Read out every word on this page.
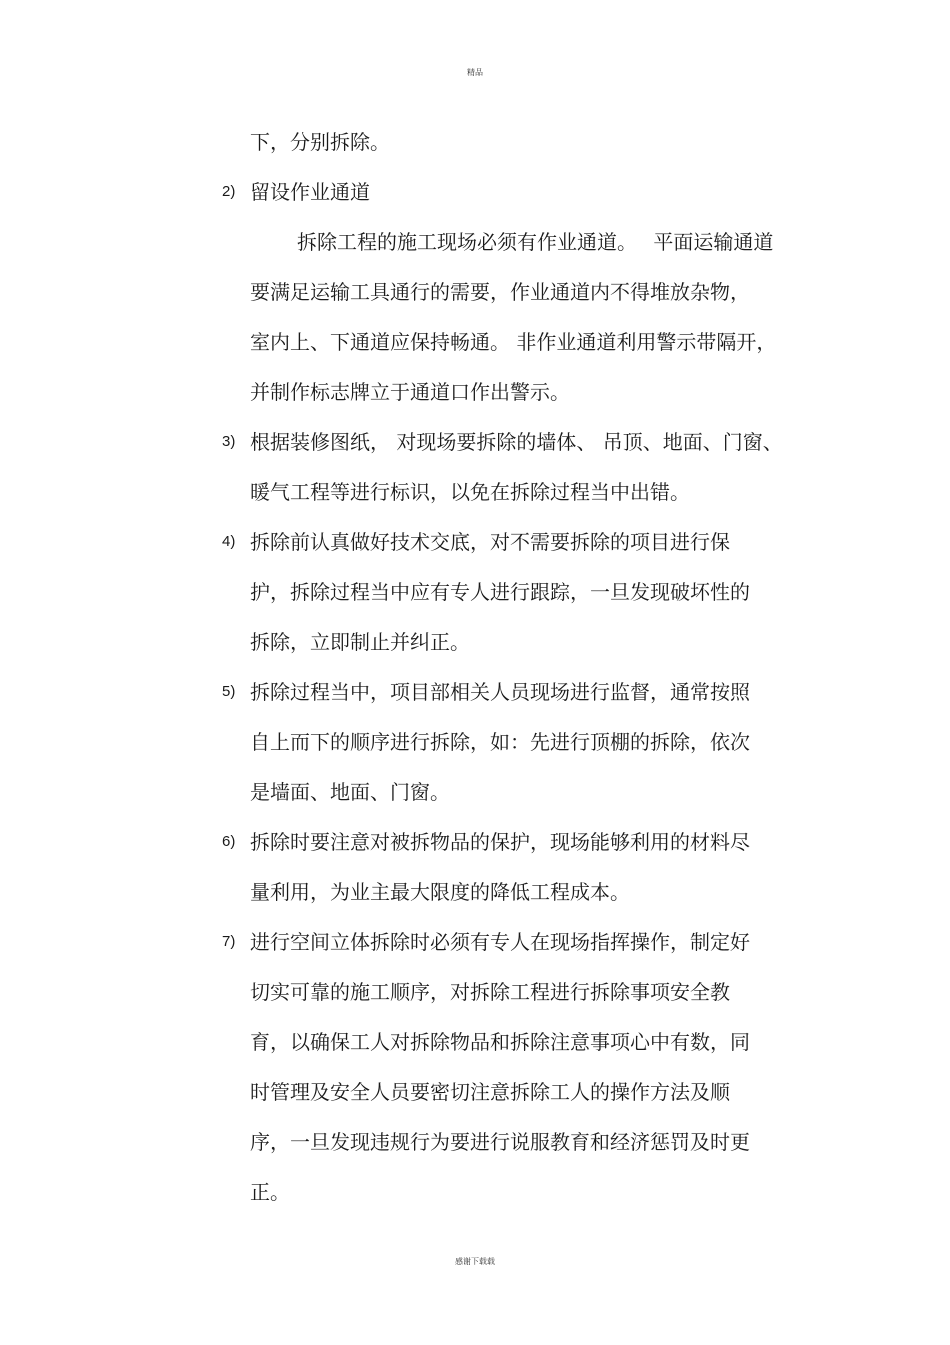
精品
下，分别拆除。
2) 留设作业通道
拆除工程的施工现场必须有作业通道。　 平面运输通道
要满足运输工具通行的需要，作业通道内不得堆放杂物，
室内上、下通道应保持畅通。 非作业通道利用警示带隔开，
并制作标志牌立于通道口作出警示。
3) 根据装修图纸， 对现场要拆除的墙体、 吊顶、地面、门窗、
暖气工程等进行标识，以免在拆除过程当中出错。
4) 拆除前认真做好技术交底，对不需要拆除的项目进行保
护，拆除过程当中应有专人进行跟踪，一旦发现破坏性的
拆除，立即制止并纠正。
5) 拆除过程当中，项目部相关人员现场进行监督，通常按照
自上而下的顺序进行拆除，如：先进行顶棚的拆除，依次
是墙面、地面、门窗。
6) 拆除时要注意对被拆物品的保护，现场能够利用的材料尽
量利用，为业主最大限度的降低工程成本。
7) 进行空间立体拆除时必须有专人在现场指挥操作，制定好
切实可靠的施工顺序，对拆除工程进行拆除事项安全教
育，以确保工人对拆除物品和拆除注意事项心中有数，同
时管理及安全人员要密切注意拆除工人的操作方法及顺
序，一旦发现违规行为要进行说服教育和经济惩罚及时更
正。
感谢下载载
